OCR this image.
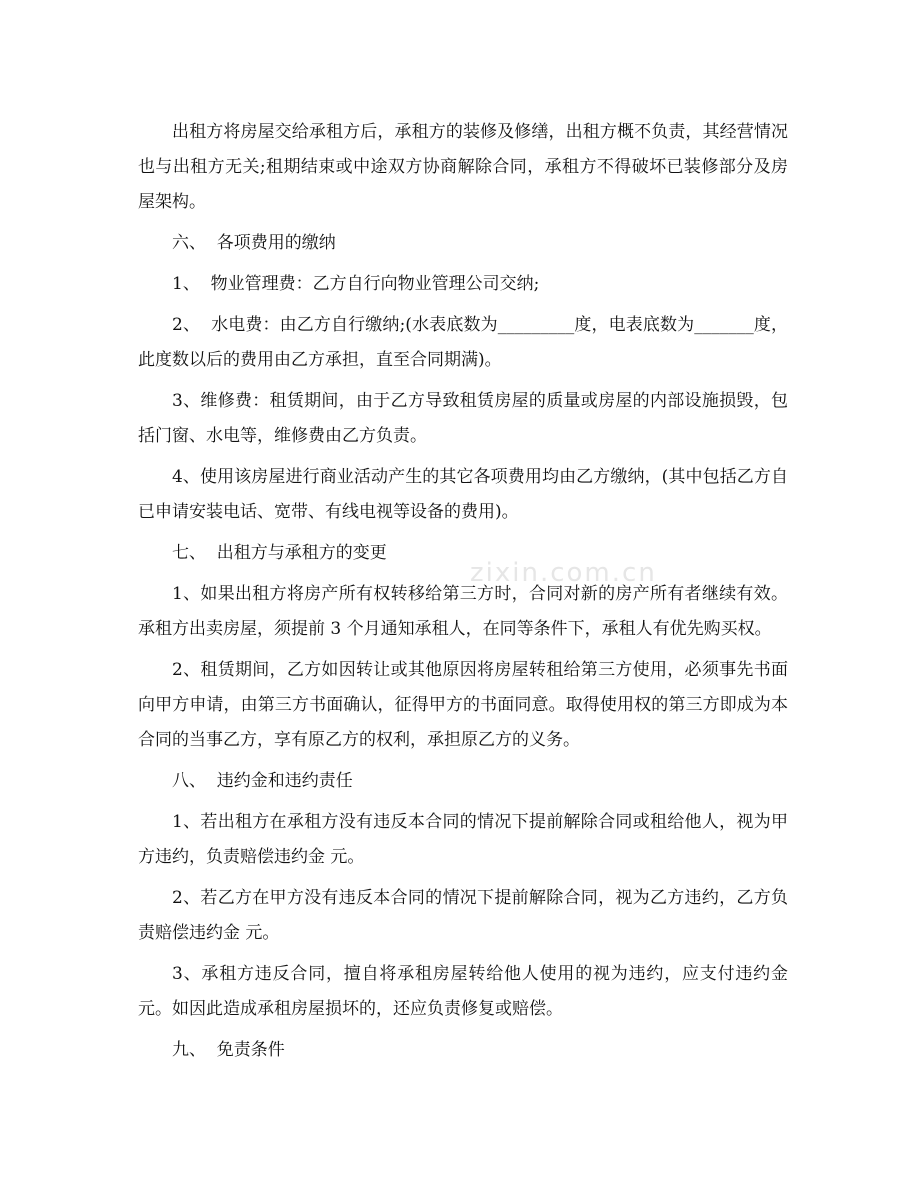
出租方将房屋交给承租方后，承租方的装修及修缮，出租方概不负责，其经营情况也与出租方无关;租期结束或中途双方协商解除合同，承租方不得破坏已装修部分及房屋架构。

六、  各项费用的缴纳

1、  物业管理费：乙方自行向物业管理公司交纳;

2、  水电费：由乙方自行缴纳;(水表底数为_________度，电表底数为_______度，此度数以后的费用由乙方承担，直至合同期满)。

3、维修费：租赁期间，由于乙方导致租赁房屋的质量或房屋的内部设施损毁，包括门窗、水电等，维修费由乙方负责。

4、使用该房屋进行商业活动产生的其它各项费用均由乙方缴纳，(其中包括乙方自已申请安装电话、宽带、有线电视等设备的费用)。

七、  出租方与承租方的变更

1、如果出租方将房产所有权转移给第三方时，合同对新的房产所有者继续有效。承租方出卖房屋，须提前 3 个月通知承租人，在同等条件下，承租人有优先购买权。

2、租赁期间，乙方如因转让或其他原因将房屋转租给第三方使用，必须事先书面向甲方申请，由第三方书面确认，征得甲方的书面同意。取得使用权的第三方即成为本合同的当事乙方，享有原乙方的权利，承担原乙方的义务。

八、  违约金和违约责任

1、若出租方在承租方没有违反本合同的情况下提前解除合同或租给他人，视为甲方违约，负责赔偿违约金 元。

2、若乙方在甲方没有违反本合同的情况下提前解除合同，视为乙方违约，乙方负责赔偿违约金 元。

3、承租方违反合同，擅自将承租房屋转给他人使用的视为违约，应支付违约金 元。如因此造成承租房屋损坏的，还应负责修复或赔偿。

九、  免责条件

zixin.com.cn
